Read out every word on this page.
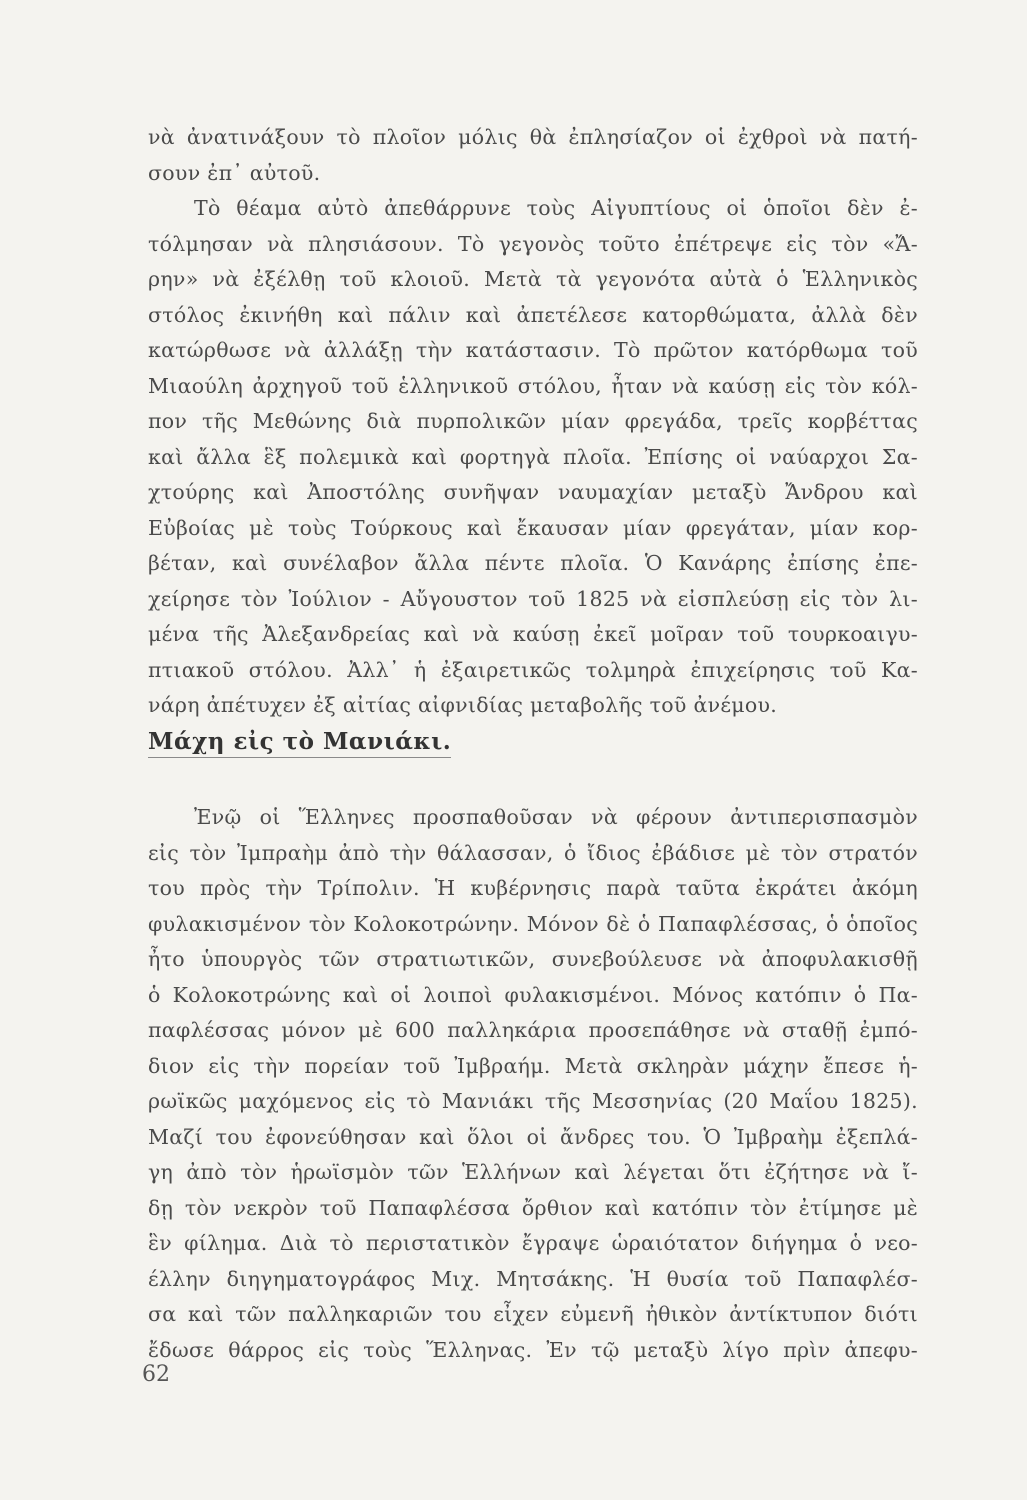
νὰ ἀνατινάξουν τὸ πλοῖον μόλις θὰ ἐπλησίαζον οἱ ἐχθροὶ νὰ πατή-
σουν ἐπ᾽ αὐτοῦ.
Τὸ θέαμα αὐτὸ ἀπεθάρρυνε τοὺς Αἰγυπτίους οἱ ὁποῖοι δὲν ἐ-
τόλμησαν νὰ πλησιάσουν. Τὸ γεγονὸς τοῦτο ἐπέτρεψε εἰς τὸν «Ἄ-
ρην» νὰ ἐξέλθῃ τοῦ κλοιοῦ. Μετὰ τὰ γεγονότα αὐτὰ ὁ Ἑλληνικὸς
στόλος ἐκινήθη καὶ πάλιν καὶ ἀπετέλεσε κατορθώματα, ἀλλὰ δὲν
κατώρθωσε νὰ ἀλλάξῃ τὴν κατάστασιν. Τὸ πρῶτον κατόρθωμα τοῦ
Μιαούλη ἀρχηγοῦ τοῦ ἑλληνικοῦ στόλου, ἦταν νὰ καύσῃ εἰς τὸν κόλ-
πον τῆς Μεθώνης διὰ πυρπολικῶν μίαν φρεγάδα, τρεῖς κορβέττας
καὶ ἄλλα ἓξ πολεμικὰ καὶ φορτηγὰ πλοῖα. Ἐπίσης οἱ ναύαρχοι Σα-
χτούρης καὶ Ἀποστόλης συνῆψαν ναυμαχίαν μεταξὺ Ἄνδρου καὶ
Εὐβοίας μὲ τοὺς Τούρκους καὶ ἔκαυσαν μίαν φρεγάταν, μίαν κορ-
βέταν, καὶ συνέλαβον ἄλλα πέντε πλοῖα. Ὁ Κανάρης ἐπίσης ἐπε-
χείρησε τὸν Ἰούλιον - Αὔγουστον τοῦ 1825 νὰ εἰσπλεύσῃ εἰς τὸν λι-
μένα τῆς Ἀλεξανδρείας καὶ νὰ καύσῃ ἐκεῖ μοῖραν τοῦ τουρκοαιγυ-
πτιακοῦ στόλου. Ἀλλ᾽ ἡ ἐξαιρετικῶς τολμηρὰ ἐπιχείρησις τοῦ Κα-
νάρη ἀπέτυχεν ἐξ αἰτίας αἰφνιδίας μεταβολῆς τοῦ ἀνέμου.
Μάχη εἰς τὸ Μανιάκι.
Ἐνῷ οἱ Ἕλληνες προσπαθοῦσαν νὰ φέρουν ἀντιπερισπασμὸν
εἰς τὸν Ἰμπραὴμ ἀπὸ τὴν θάλασσαν, ὁ ἴδιος ἐβάδισε μὲ τὸν στρατόν
του πρὸς τὴν Τρίπολιν. Ἡ κυβέρνησις παρὰ ταῦτα ἐκράτει ἀκόμη
φυλακισμένον τὸν Κολοκοτρώνην. Μόνον δὲ ὁ Παπαφλέσσας, ὁ ὁποῖος
ἦτο ὑπουργὸς τῶν στρατιωτικῶν, συνεβούλευσε νὰ ἀποφυλακισθῇ
ὁ Κολοκοτρώνης καὶ οἱ λοιποὶ φυλακισμένοι. Μόνος κατόπιν ὁ Πα-
παφλέσσας μόνον μὲ 600 παλληκάρια προσεπάθησε νὰ σταθῇ ἐμπό-
διον εἰς τὴν πορείαν τοῦ Ἰμβραήμ. Μετὰ σκληρὰν μάχην ἔπεσε ἡ-
ρωϊκῶς μαχόμενος εἰς τὸ Μανιάκι τῆς Μεσσηνίας (20 Μαΐου 1825).
Μαζί του ἐφονεύθησαν καὶ ὅλοι οἱ ἄνδρες του. Ὁ Ἰμβραὴμ ἐξεπλά-
γη ἀπὸ τὸν ἡρωϊσμὸν τῶν Ἑλλήνων καὶ λέγεται ὅτι ἐζήτησε νὰ ἴ-
δῃ τὸν νεκρὸν τοῦ Παπαφλέσσα ὄρθιον καὶ κατόπιν τὸν ἐτίμησε μὲ
ἓν φίλημα. Διὰ τὸ περιστατικὸν ἔγραψε ὡραιότατον διήγημα ὁ νεο-
έλλην διηγηματογράφος Μιχ. Μητσάκης. Ἡ θυσία τοῦ Παπαφλέσ-
σα καὶ τῶν παλληκαριῶν του εἶχεν εὐμενῆ ἠθικὸν ἀντίκτυπον διότι
ἔδωσε θάρρος εἰς τοὺς Ἕλληνας. Ἐν τῷ μεταξὺ λίγο πρὶν ἀπεφυ-
62
